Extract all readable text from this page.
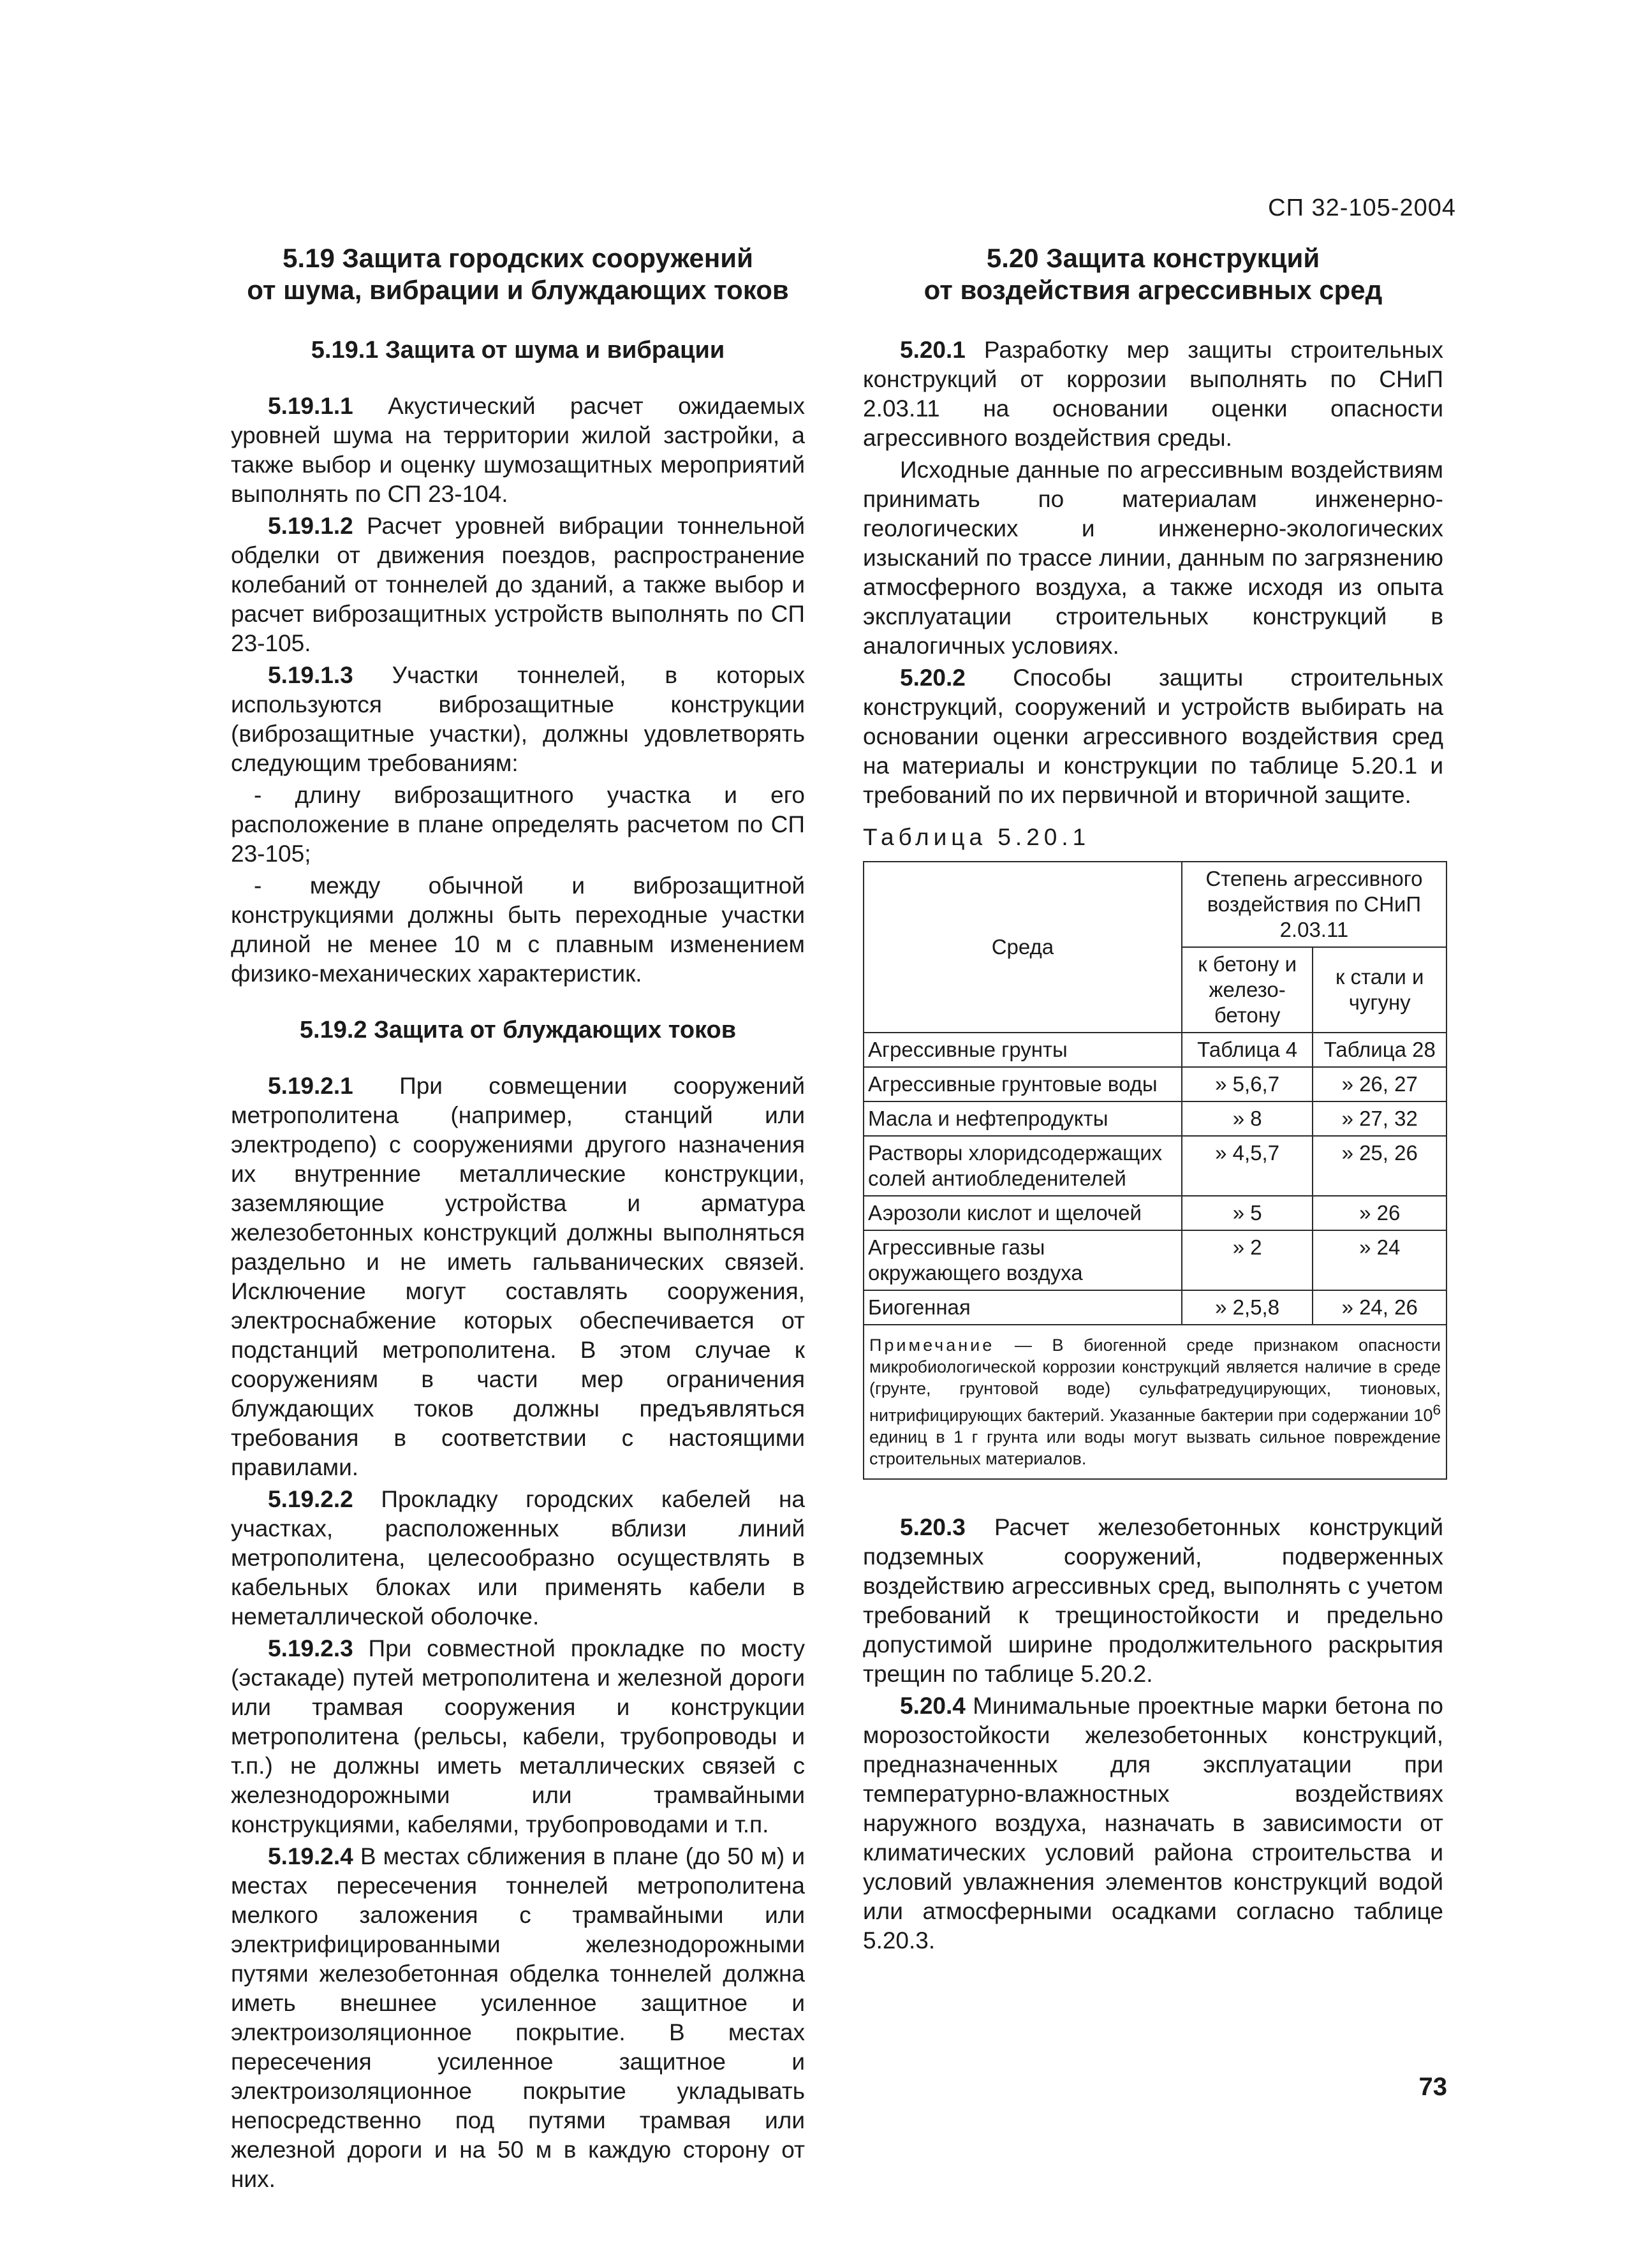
СП 32-105-2004
5.19 Защита городских сооружений
от шума, вибрации и блуждающих токов
5.19.1 Защита от шума и вибрации

5.19.1.1 Акустический расчет ожидаемых уровней шума на территории жилой застройки, а также выбор и оценку шумозащитных мероприятий выполнять по СП 23-104.

5.19.1.2 Расчет уровней вибрации тоннельной обделки от движения поездов, распространение колебаний от тоннелей до зданий, а также выбор и расчет виброзащитных устройств выполнять по СП 23-105.

5.19.1.3 Участки тоннелей, в которых используются виброзащитные конструкции (виброзащитные участки), должны удовлетворять следующим требованиям:

- длину виброзащитного участка и его расположение в плане определять расчетом по СП 23-105;

- между обычной и виброзащитной конструкциями должны быть переходные участки длиной не менее 10 м с плавным изменением физико-механических характеристик.

5.19.2 Защита от блуждающих токов

5.19.2.1 При совмещении сооружений метрополитена (например, станций или электродепо) с сооружениями другого назначения их внутренние металлические конструкции, заземляющие устройства и арматура железобетонных конструкций должны выполняться раздельно и не иметь гальванических связей. Исключение могут составлять сооружения, электроснабжение которых обеспечивается от подстанций метрополитена. В этом случае к сооружениям в части мер ограничения блуждающих токов должны предъявляться требования в соответствии с настоящими правилами.

5.19.2.2 Прокладку городских кабелей на участках, расположенных вблизи линий метрополитена, целесообразно осуществлять в кабельных блоках или применять кабели в неметаллической оболочке.

5.19.2.3 При совместной прокладке по мосту (эстакаде) путей метрополитена и железной дороги или трамвая сооружения и конструкции метрополитена (рельсы, кабели, трубопроводы и т.п.) не должны иметь металлических связей с железнодорожными или трамвайными конструкциями, кабелями, трубопроводами и т.п.

5.19.2.4 В местах сближения в плане (до 50 м) и местах пересечения тоннелей метрополитена мелкого заложения с трамвайными или электрифицированными железнодорожными путями железобетонная обделка тоннелей должна иметь внешнее усиленное защитное и электроизоляционное покрытие. В местах пересечения усиленное защитное и электроизоляционное покрытие укладывать непосредственно под путями трамвая или железной дороги и на 50 м в каждую сторону от них.

5.20 Защита конструкций
от воздействия агрессивных сред

5.20.1 Разработку мер защиты строительных конструкций от коррозии выполнять по СНиП 2.03.11 на основании оценки опасности агрессивного воздействия среды.

Исходные данные по агрессивным воздействиям принимать по материалам инженерно-геологических и инженерно-экологических изысканий по трассе линии, данным по загрязнению атмосферного воздуха, а также исходя из опыта эксплуатации строительных конструкций в аналогичных условиях.

5.20.2 Способы защиты строительных конструкций, сооружений и устройств выбирать на основании оценки агрессивного воздействия сред на материалы и конструкции по таблице 5.20.1 и требований по их первичной и вторичной защите.

Таблица 5.20.1
Среда	Степень агрессивного воздействия по СНиП 2.03.11	
	к бетону и железо-бетону	к стали и чугуну
Агрессивные грунты	Таблица 4	Таблица 28
Агрессивные грунтовые воды	» 5,6,7	» 26, 27
Масла и нефтепродукты	» 8	» 27, 32
Растворы хлоридсодержащих солей антиобледенителей	» 4,5,7	» 25, 26
Аэрозоли кислот и щелочей	» 5	» 26
Агрессивные газы окружающего воздуха	» 2	» 24
Биогенная	» 2,5,8	» 24, 26
Примечание — В биогенной среде признаком опасности микробиологической коррозии конструкций является наличие в среде (грунте, грунтовой воде) сульфатредуцирующих, тионовых, нитрифицирующих бактерий. Указанные бактерии при содержании $10^6$ единиц в 1 г грунта или воды могут вызвать сильное повреждение строительных материалов.		

5.20.3 Расчет железобетонных конструкций подземных сооружений, подверженных воздействию агрессивных сред, выполнять с учетом требований к трещиностойкости и предельно допустимой ширине продолжительного раскрытия трещин по таблице 5.20.2.

5.20.4 Минимальные проектные марки бетона по морозостойкости железобетонных конструкций, предназначенных для эксплуатации при температурно-влажностных воздействиях наружного воздуха, назначать в зависимости от климатических условий района строительства и условий увлажнения элементов конструкций водой или атмосферными осадками согласно таблице 5.20.3.

73
